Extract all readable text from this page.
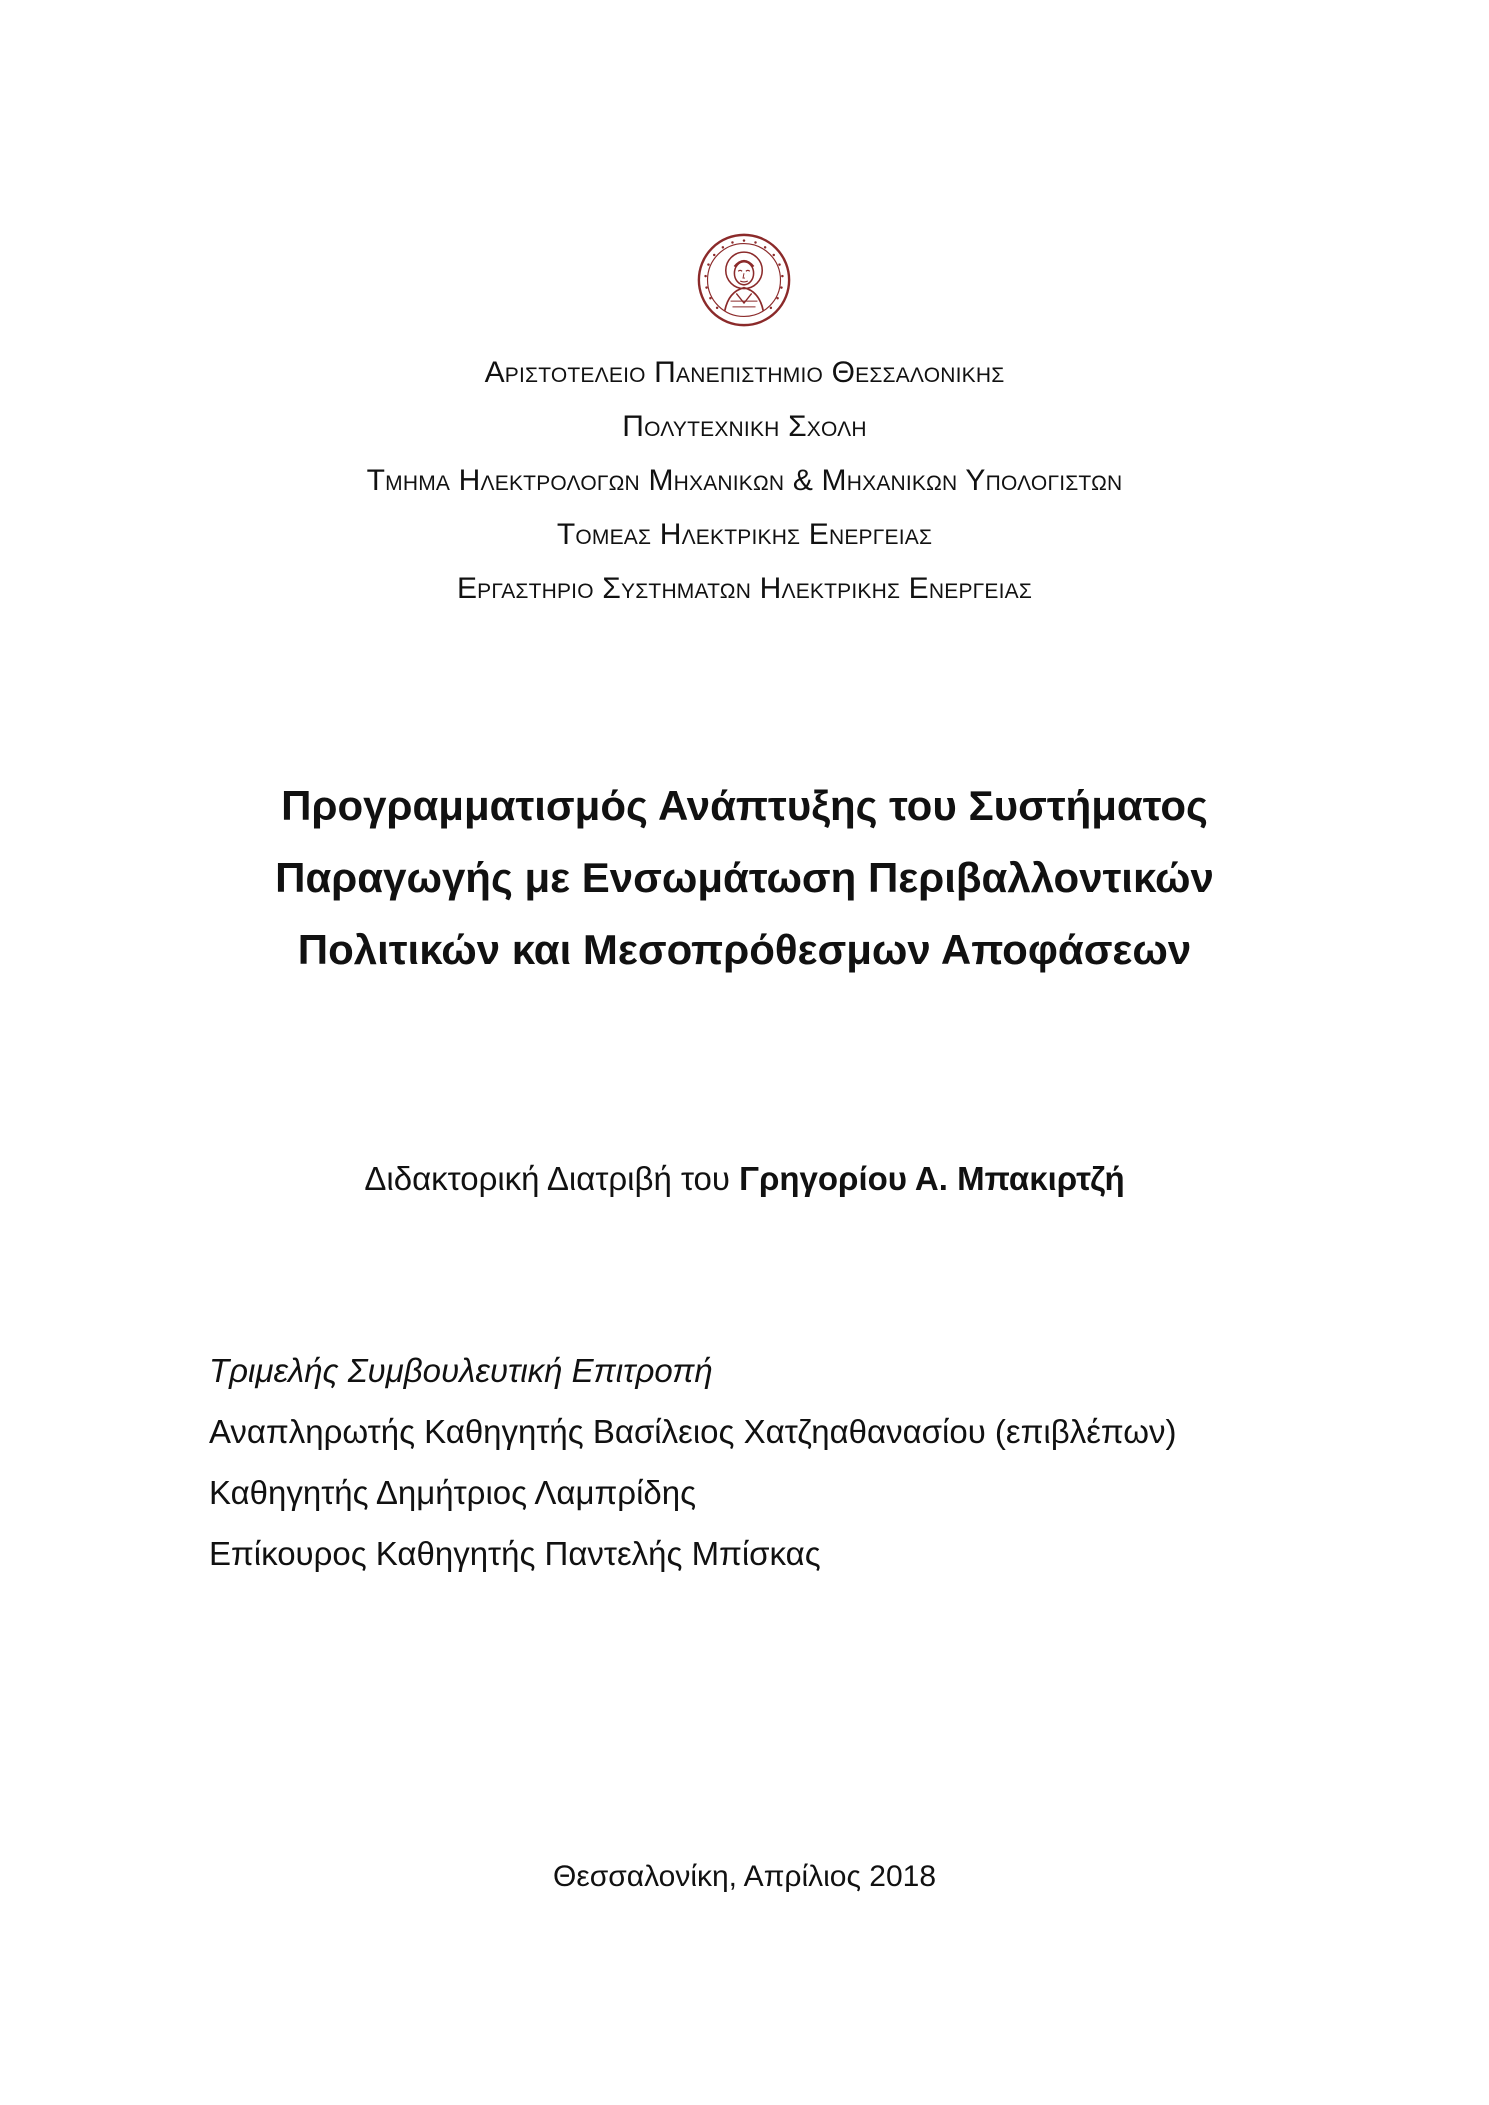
Αριστοτελειο Πανεπιστημιο Θεσσαλονικησ
Πολυτεχνικη Σχολη
Τμημα Ηλεκτρολογων Μηχανικων & Μηχανικων Υπολογιστων
Τομεασ Ηλεκτρικησ Ενεργειασ
Εργαστηριο Συστηματων Ηλεκτρικησ Ενεργειασ
Προγραμματισμός Ανάπτυξης του Συστήματος
Παραγωγής με Ενσωμάτωση Περιβαλλοντικών
Πολιτικών και Μεσοπρόθεσμων Αποφάσεων
Διδακτορική Διατριβή του Γρηγορίου Α. Μπακιρτζή
Τριμελής Συμβουλευτική Επιτροπή
Αναπληρωτής Καθηγητής Βασίλειος Χατζηαθανασίου (επιβλέπων)
Καθηγητής Δημήτριος Λαμπρίδης
Επίκουρος Καθηγητής Παντελής Μπίσκας
Θεσσαλονίκη, Απρίλιος 2018
